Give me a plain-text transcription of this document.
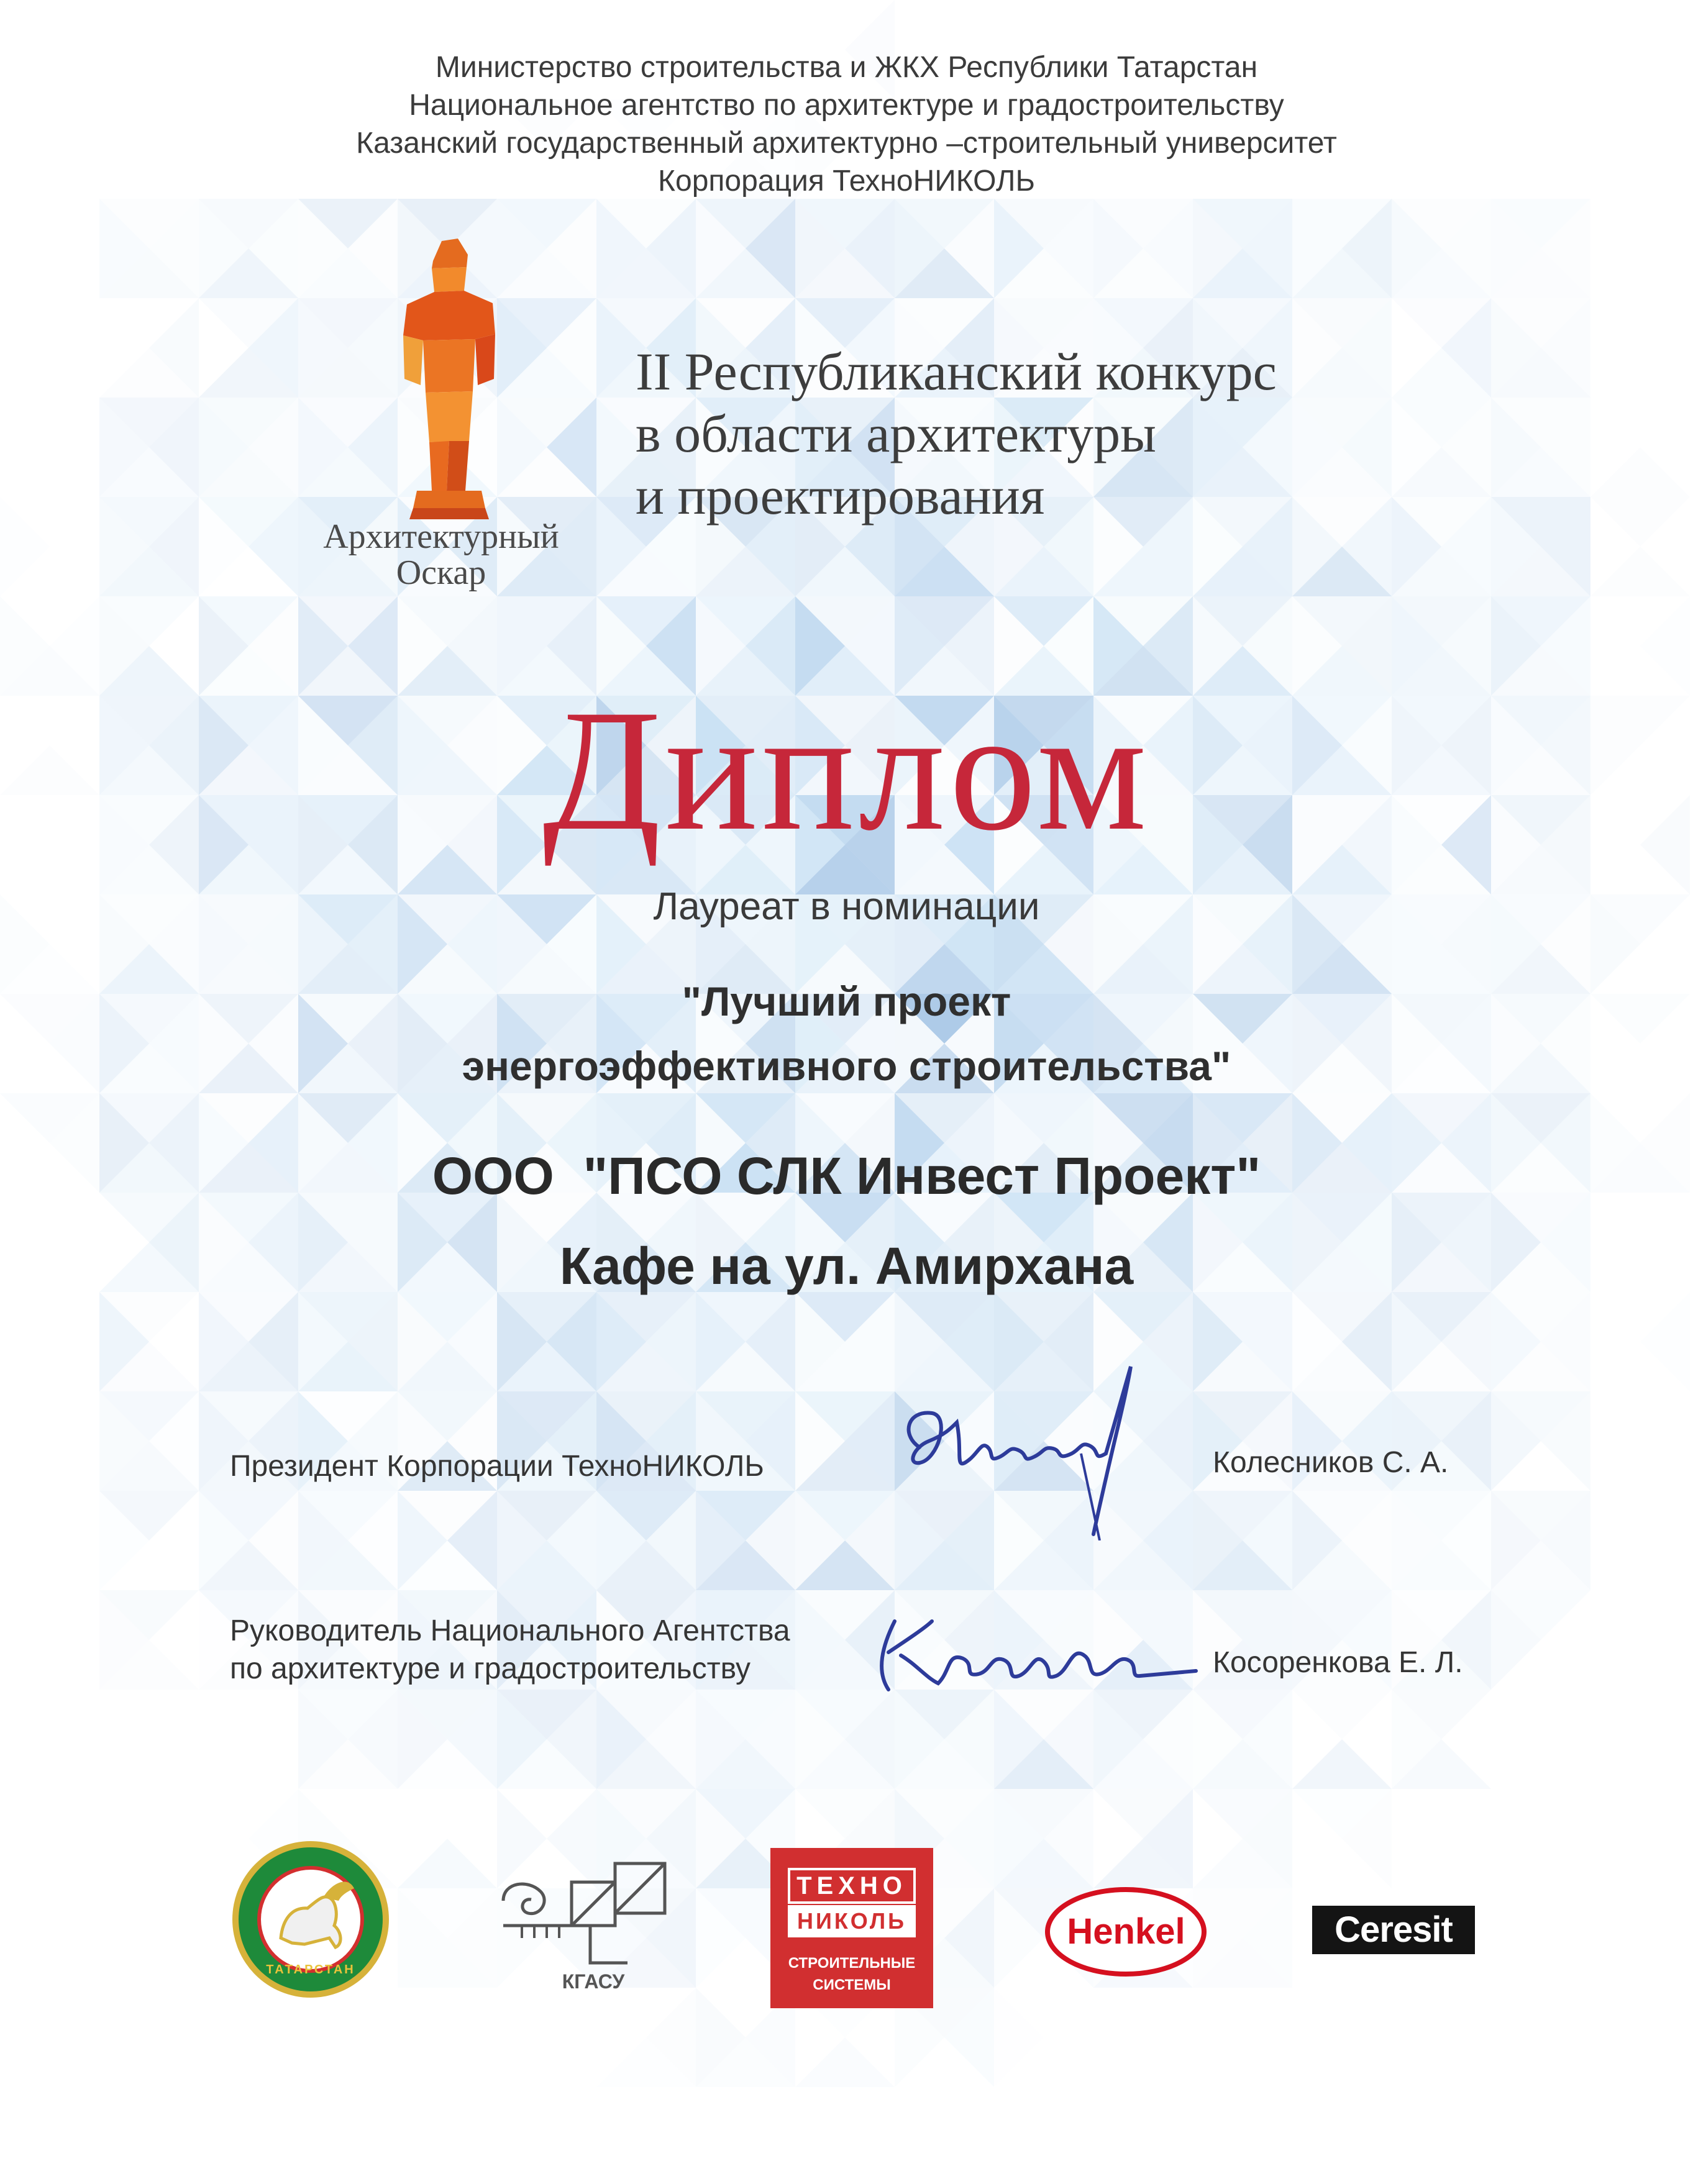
Министерство строительства и ЖКХ Республики Татарстан
Национальное агентство по архитектуре и градостроительству
Казанский государственный архитектурно –строительный университет
Корпорация ТехноНИКОЛЬ
Архитектурный
Оскар
II Республиканский конкурс
в области архитектуры
и проектирования
Диплом
Лауреат в номинации
"Лучший проект
энергоэффективного строительства"
ООО  "ПСО СЛК Инвест Проект"
Кафе на ул. Амирхана
Президент Корпорации ТехноНИКОЛЬ	Колесников С. А.
Руководитель Национального Агентства
по архитектуре и градостроительству	Косоренкова Е. Л.
ТАТАРСТАН
КГАСУ
ТЕХНО
НИКОЛЬ
СТРОИТЕЛЬНЫЕ
СИСТЕМЫ
Henkel	Ceresit
